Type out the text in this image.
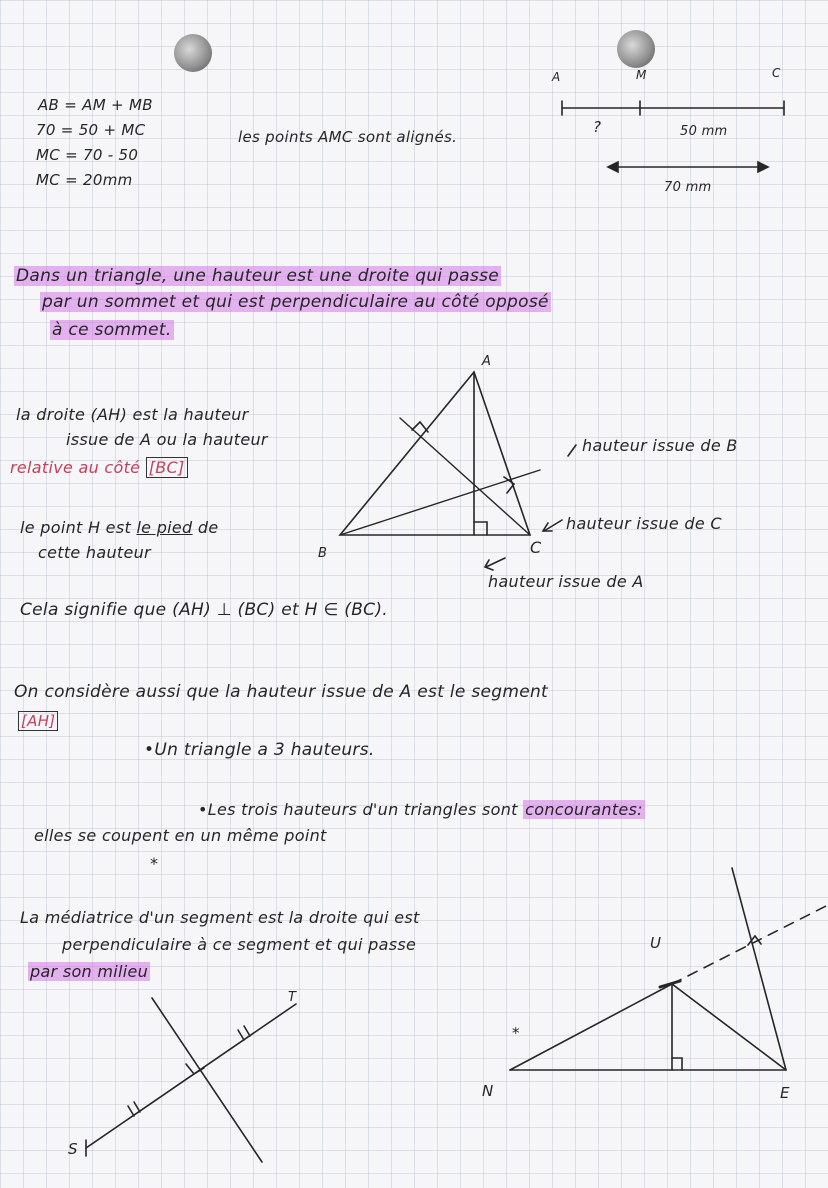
AB = AM + MB
70 = 50 + MC
MC = 70 - 50
MC = 20mm
les points AMC sont alignés.
A	M	C
?	50 mm
70 mm
Dans un triangle, une hauteur est une droite qui passe
par un sommet et qui est perpendiculaire au côté opposé
à ce sommet.
la droite (AH) est la hauteur
issue de A ou la hauteur
relative au côté [BC]
le point H est le pied de
cette hauteur
A
B	C
hauteur issue de B
hauteur issue de C
hauteur issue de A
Cela signifie que (AH) ⊥ (BC) et H ∈ (BC).
On considère aussi que la hauteur issue de A est le segment
[AH]
•Un triangle a 3 hauteurs.
•Les trois hauteurs d'un triangles sont concourantes:
elles se coupent en un même point
*
La médiatrice d'un segment est la droite qui est
perpendiculaire à ce segment et qui passe
par son milieu
T
S
N	E
U
*
